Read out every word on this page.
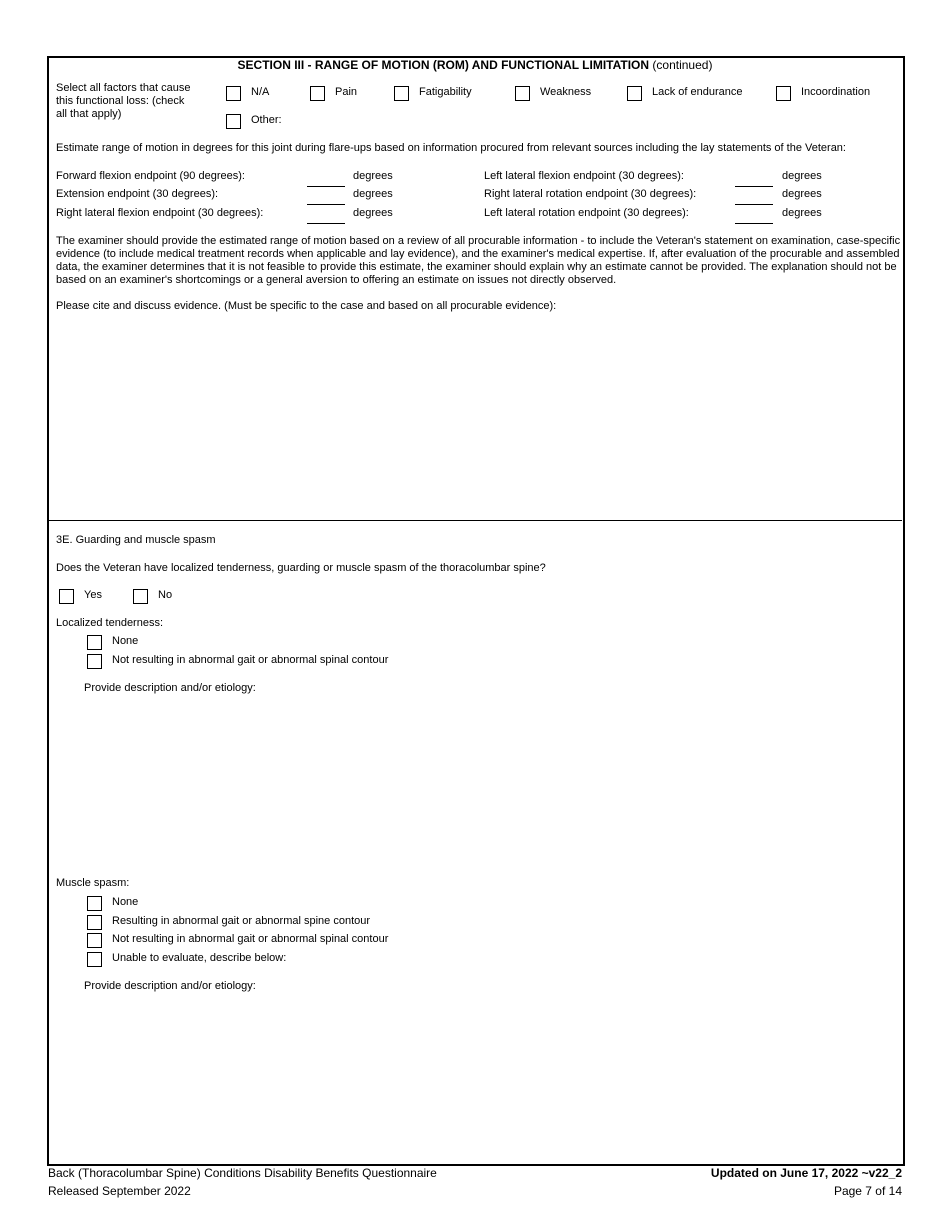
SECTION III - RANGE OF MOTION (ROM) AND FUNCTIONAL LIMITATION (continued)
Select all factors that cause
this functional loss: (check
all that apply)
N/A	Pain	Fatigability	Weakness	Lack of endurance	Incoordination
Other:
Estimate range of motion in degrees for this joint during flare-ups based on information procured from relevant sources including the lay statements of the Veteran:
Forward flexion endpoint (90 degrees):	degrees
Extension endpoint (30 degrees):	degrees
Right lateral flexion endpoint (30 degrees):	degrees
Left lateral flexion endpoint (30 degrees):	degrees
Right lateral rotation endpoint (30 degrees):	degrees
Left lateral rotation endpoint (30 degrees):	degrees
The examiner should provide the estimated range of motion based on a review of all procurable information - to include the Veteran's statement on examination, case-specific
evidence (to include medical treatment records when applicable and lay evidence), and the examiner's medical expertise. If, after evaluation of the procurable and assembled
data, the examiner determines that it is not feasible to provide this estimate, the examiner should explain why an estimate cannot be provided. The explanation should not be
based on an examiner's shortcomings or a general aversion to offering an estimate on issues not directly observed.
Please cite and discuss evidence. (Must be specific to the case and based on all procurable evidence):
3E. Guarding and muscle spasm
Does the Veteran have localized tenderness, guarding or muscle spasm of the thoracolumbar spine?
Yes	No
Localized tenderness:
None
Not resulting in abnormal gait or abnormal spinal contour
Provide description and/or etiology:
Muscle spasm:
None
Resulting in abnormal gait or abnormal spine contour
Not resulting in abnormal gait or abnormal spinal contour
Unable to evaluate, describe below:
Provide description and/or etiology:
Back (Thoracolumbar Spine) Conditions Disability Benefits Questionnaire
Released September 2022
Updated on June 17, 2022 ~v22_2
Page 7 of 14
